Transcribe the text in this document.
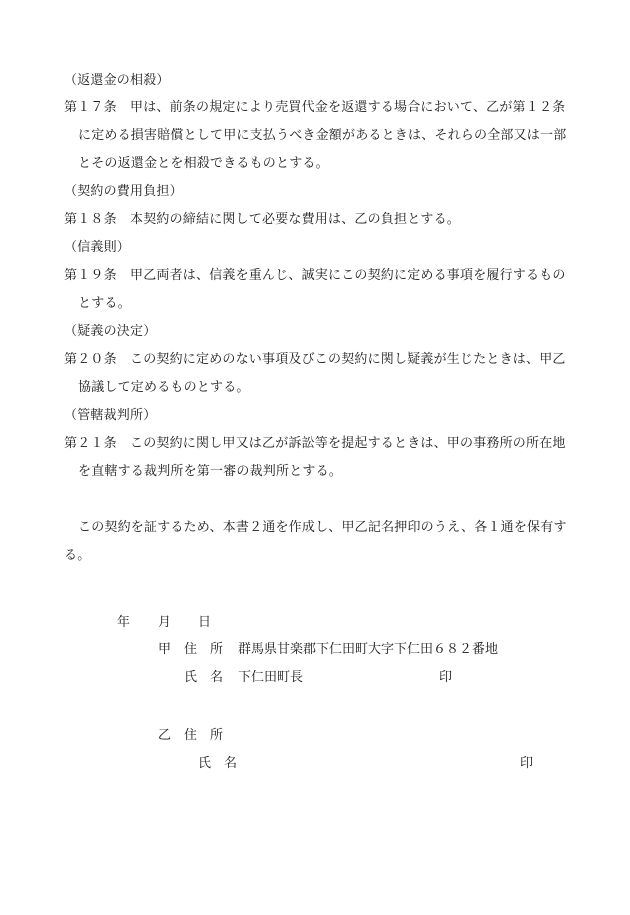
（返還金の相殺）
第１７条　甲は、前条の規定により売買代金を返還する場合において、乙が第１２条
に定める損害賠償として甲に支払うべき金額があるときは、それらの全部又は一部
とその返還金とを相殺できるものとする。
（契約の費用負担）
第１８条　本契約の締結に関して必要な費用は、乙の負担とする。
（信義則）
第１９条　甲乙両者は、信義を重んじ、誠実にこの契約に定める事項を履行するもの
とする。
（疑義の決定）
第２０条　この契約に定めのない事項及びこの契約に関し疑義が生じたときは、甲乙
協議して定めるものとする。
（管轄裁判所）
第２１条　この契約に関し甲又は乙が訴訟等を提起するときは、甲の事務所の所在地
を直轄する裁判所を第一審の裁判所とする。
この契約を証するため、本書２通を作成し、甲乙記名押印のうえ、各１通を保有す
る。
年 月 日
甲 住　所 群馬県甘楽郡下仁田町大字下仁田６８２番地
氏　名 下仁田町長	印
乙 住　所
氏　名	印
